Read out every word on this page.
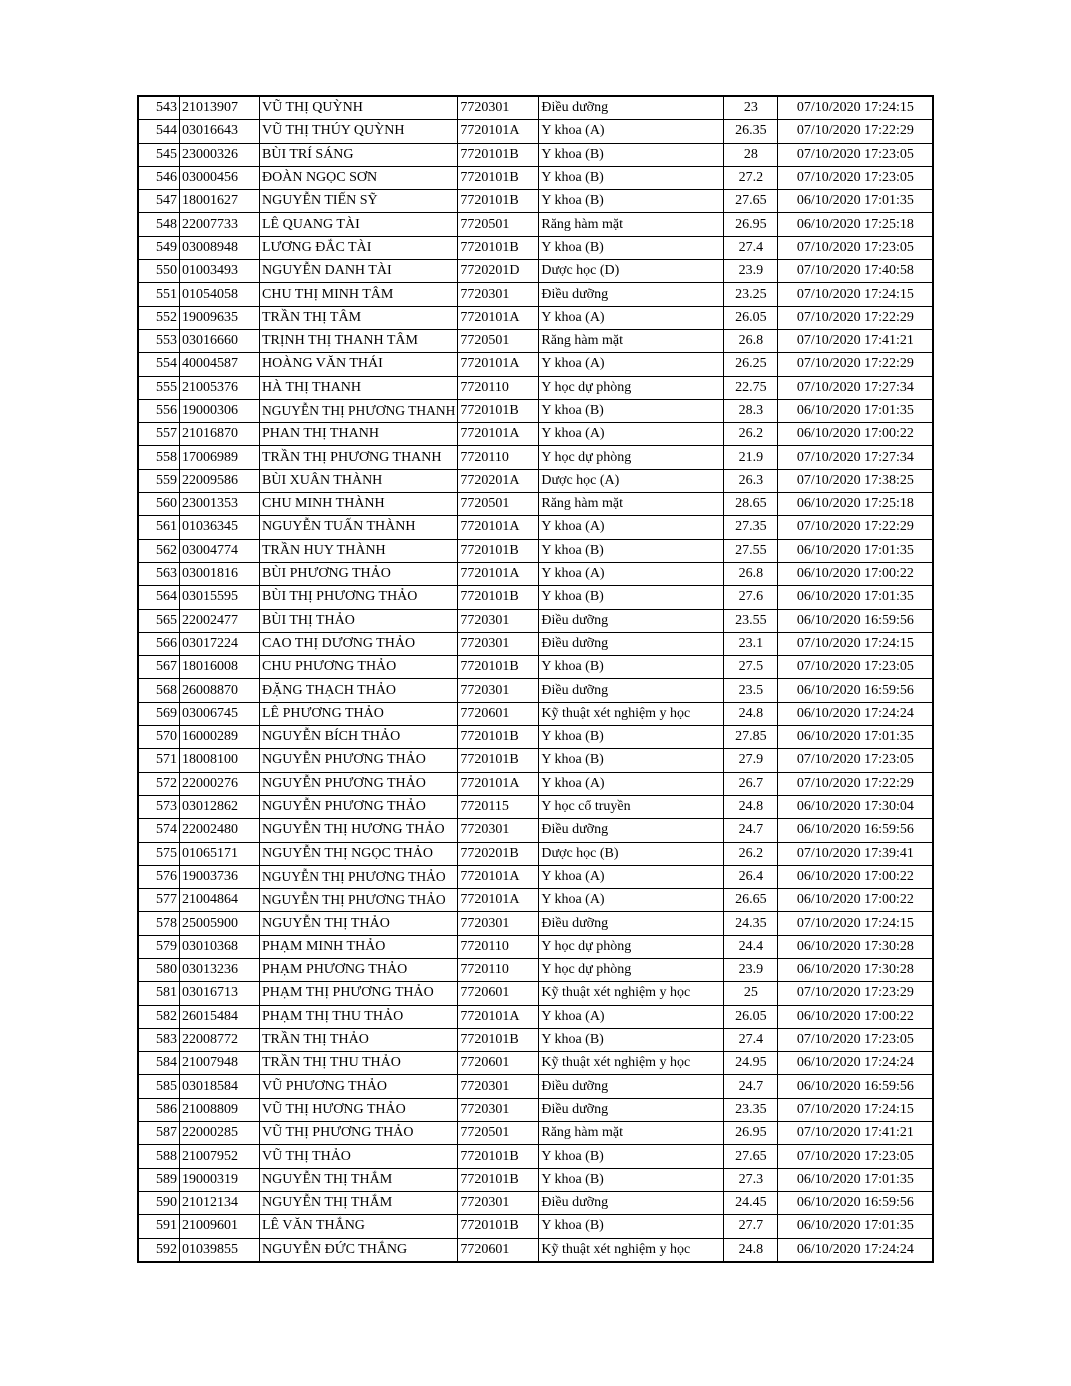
543	21013907	VŨ THỊ QUỲNH	7720301	Điều dưỡng	23	07/10/2020 17:24:15
544	03016643	VŨ THỊ THÚY QUỲNH	7720101A	Y khoa (A)	26.35	07/10/2020 17:22:29
545	23000326	BÙI TRÍ SÁNG	7720101B	Y khoa (B)	28	07/10/2020 17:23:05
546	03000456	ĐOÀN NGỌC SƠN	7720101B	Y khoa (B)	27.2	07/10/2020 17:23:05
547	18001627	NGUYỄN TIẾN SỸ	7720101B	Y khoa (B)	27.65	06/10/2020 17:01:35
548	22007733	LÊ QUANG TÀI	7720501	Răng hàm mặt	26.95	06/10/2020 17:25:18
549	03008948	LƯƠNG ĐẮC TÀI	7720101B	Y khoa (B)	27.4	07/10/2020 17:23:05
550	01003493	NGUYỄN DANH TÀI	7720201D	Dược học (D)	23.9	07/10/2020 17:40:58
551	01054058	CHU THỊ MINH TÂM	7720301	Điều dưỡng	23.25	07/10/2020 17:24:15
552	19009635	TRẦN THỊ TÂM	7720101A	Y khoa (A)	26.05	07/10/2020 17:22:29
553	03016660	TRỊNH THỊ THANH TÂM	7720501	Răng hàm mặt	26.8	07/10/2020 17:41:21
554	40004587	HOÀNG VĂN THÁI	7720101A	Y khoa (A)	26.25	07/10/2020 17:22:29
555	21005376	HÀ THỊ THANH	7720110	Y học dự phòng	22.75	07/10/2020 17:27:34
556	19000306	NGUYỄN THỊ PHƯƠNG THANH	7720101B	Y khoa (B)	28.3	06/10/2020 17:01:35
557	21016870	PHAN THỊ THANH	7720101A	Y khoa (A)	26.2	06/10/2020 17:00:22
558	17006989	TRẦN THỊ PHƯƠNG THANH	7720110	Y học dự phòng	21.9	07/10/2020 17:27:34
559	22009586	BÙI XUÂN THÀNH	7720201A	Dược học (A)	26.3	07/10/2020 17:38:25
560	23001353	CHU MINH THÀNH	7720501	Răng hàm mặt	28.65	06/10/2020 17:25:18
561	01036345	NGUYỄN TUẤN THÀNH	7720101A	Y khoa (A)	27.35	07/10/2020 17:22:29
562	03004774	TRẦN HUY THÀNH	7720101B	Y khoa (B)	27.55	06/10/2020 17:01:35
563	03001816	BÙI PHƯƠNG THẢO	7720101A	Y khoa (A)	26.8	06/10/2020 17:00:22
564	03015595	BÙI THỊ PHƯƠNG THẢO	7720101B	Y khoa (B)	27.6	06/10/2020 17:01:35
565	22002477	BÙI THỊ THẢO	7720301	Điều dưỡng	23.55	06/10/2020 16:59:56
566	03017224	CAO THỊ DƯƠNG THẢO	7720301	Điều dưỡng	23.1	07/10/2020 17:24:15
567	18016008	CHU PHƯƠNG THẢO	7720101B	Y khoa (B)	27.5	07/10/2020 17:23:05
568	26008870	ĐẶNG THẠCH THẢO	7720301	Điều dưỡng	23.5	06/10/2020 16:59:56
569	03006745	LÊ PHƯƠNG THẢO	7720601	Kỹ thuật xét nghiệm y học	24.8	06/10/2020 17:24:24
570	16000289	NGUYỄN BÍCH THẢO	7720101B	Y khoa (B)	27.85	06/10/2020 17:01:35
571	18008100	NGUYỄN PHƯƠNG THẢO	7720101B	Y khoa (B)	27.9	07/10/2020 17:23:05
572	22000276	NGUYỄN PHƯƠNG THẢO	7720101A	Y khoa (A)	26.7	07/10/2020 17:22:29
573	03012862	NGUYỄN PHƯƠNG THẢO	7720115	Y học cổ truyền	24.8	06/10/2020 17:30:04
574	22002480	NGUYỄN THỊ HƯƠNG THẢO	7720301	Điều dưỡng	24.7	06/10/2020 16:59:56
575	01065171	NGUYỄN THỊ NGỌC THẢO	7720201B	Dược học (B)	26.2	07/10/2020 17:39:41
576	19003736	NGUYỄN THỊ PHƯƠNG THẢO	7720101A	Y khoa (A)	26.4	06/10/2020 17:00:22
577	21004864	NGUYỄN THỊ PHƯƠNG THẢO	7720101A	Y khoa (A)	26.65	06/10/2020 17:00:22
578	25005900	NGUYỄN THỊ THẢO	7720301	Điều dưỡng	24.35	07/10/2020 17:24:15
579	03010368	PHẠM MINH THẢO	7720110	Y học dự phòng	24.4	06/10/2020 17:30:28
580	03013236	PHẠM PHƯƠNG THẢO	7720110	Y học dự phòng	23.9	06/10/2020 17:30:28
581	03016713	PHẠM THỊ PHƯƠNG THẢO	7720601	Kỹ thuật xét nghiệm y học	25	07/10/2020 17:23:29
582	26015484	PHẠM THỊ THU THẢO	7720101A	Y khoa (A)	26.05	06/10/2020 17:00:22
583	22008772	TRẦN THỊ THẢO	7720101B	Y khoa (B)	27.4	07/10/2020 17:23:05
584	21007948	TRẦN THỊ THU THẢO	7720601	Kỹ thuật xét nghiệm y học	24.95	06/10/2020 17:24:24
585	03018584	VŨ PHƯƠNG THẢO	7720301	Điều dưỡng	24.7	06/10/2020 16:59:56
586	21008809	VŨ THỊ HƯƠNG THẢO	7720301	Điều dưỡng	23.35	07/10/2020 17:24:15
587	22000285	VŨ THỊ PHƯƠNG THẢO	7720501	Răng hàm mặt	26.95	07/10/2020 17:41:21
588	21007952	VŨ THỊ THẢO	7720101B	Y khoa (B)	27.65	07/10/2020 17:23:05
589	19000319	NGUYỄN THỊ THẮM	7720101B	Y khoa (B)	27.3	06/10/2020 17:01:35
590	21012134	NGUYỄN THỊ THẮM	7720301	Điều dưỡng	24.45	06/10/2020 16:59:56
591	21009601	LÊ VĂN THẮNG	7720101B	Y khoa (B)	27.7	06/10/2020 17:01:35
592	01039855	NGUYỄN ĐỨC THẮNG	7720601	Kỹ thuật xét nghiệm y học	24.8	06/10/2020 17:24:24
